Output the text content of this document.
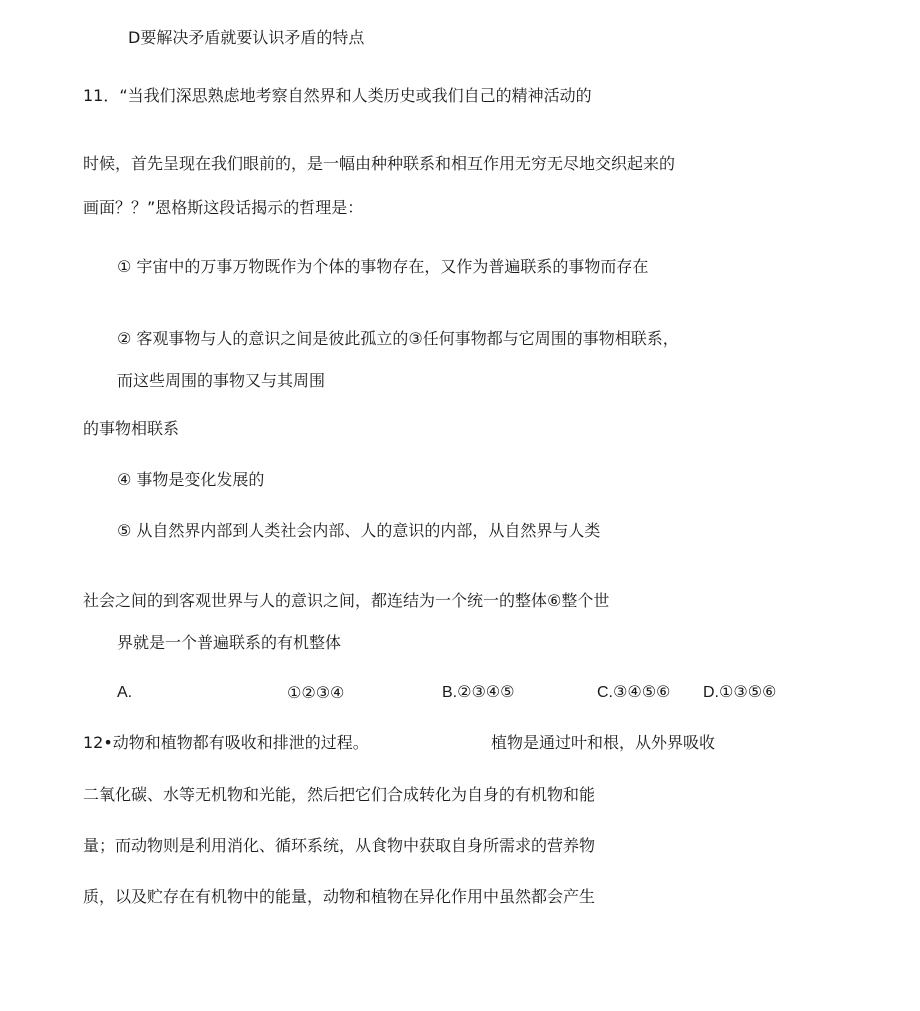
D要解决矛盾就要认识矛盾的特点

11．“当我们深思熟虑地考察自然界和人类历史或我们自己的精神活动的

时候，首先呈现在我们眼前的，是一幅由种种联系和相互作用无穷无尽地交织起来的

画面？？”恩格斯这段话揭示的哲理是：

① 宇宙中的万事万物既作为个体的事物存在，又作为普遍联系的事物而存在

② 客观事物与人的意识之间是彼此孤立的③任何事物都与它周围的事物相联系，

而这些周围的事物又与其周围

的事物相联系

④ 事物是变化发展的

⑤ 从自然界内部到人类社会内部、人的意识的内部，从自然界与人类

社会之间的到客观世界与人的意识之间，都连结为一个统一的整体⑥整个世

界就是一个普遍联系的有机整体

A.	①②③④	B.②③④⑤	C.③④⑤⑥ D.①③⑤⑥

12•动物和植物都有吸收和排泄的过程。	植物是通过叶和根，从外界吸收

二氧化碳、水等无机物和光能，然后把它们合成转化为自身的有机物和能

量；而动物则是利用消化、循环系统，从食物中获取自身所需求的营养物

质，以及贮存在有机物中的能量，动物和植物在异化作用中虽然都会产生
